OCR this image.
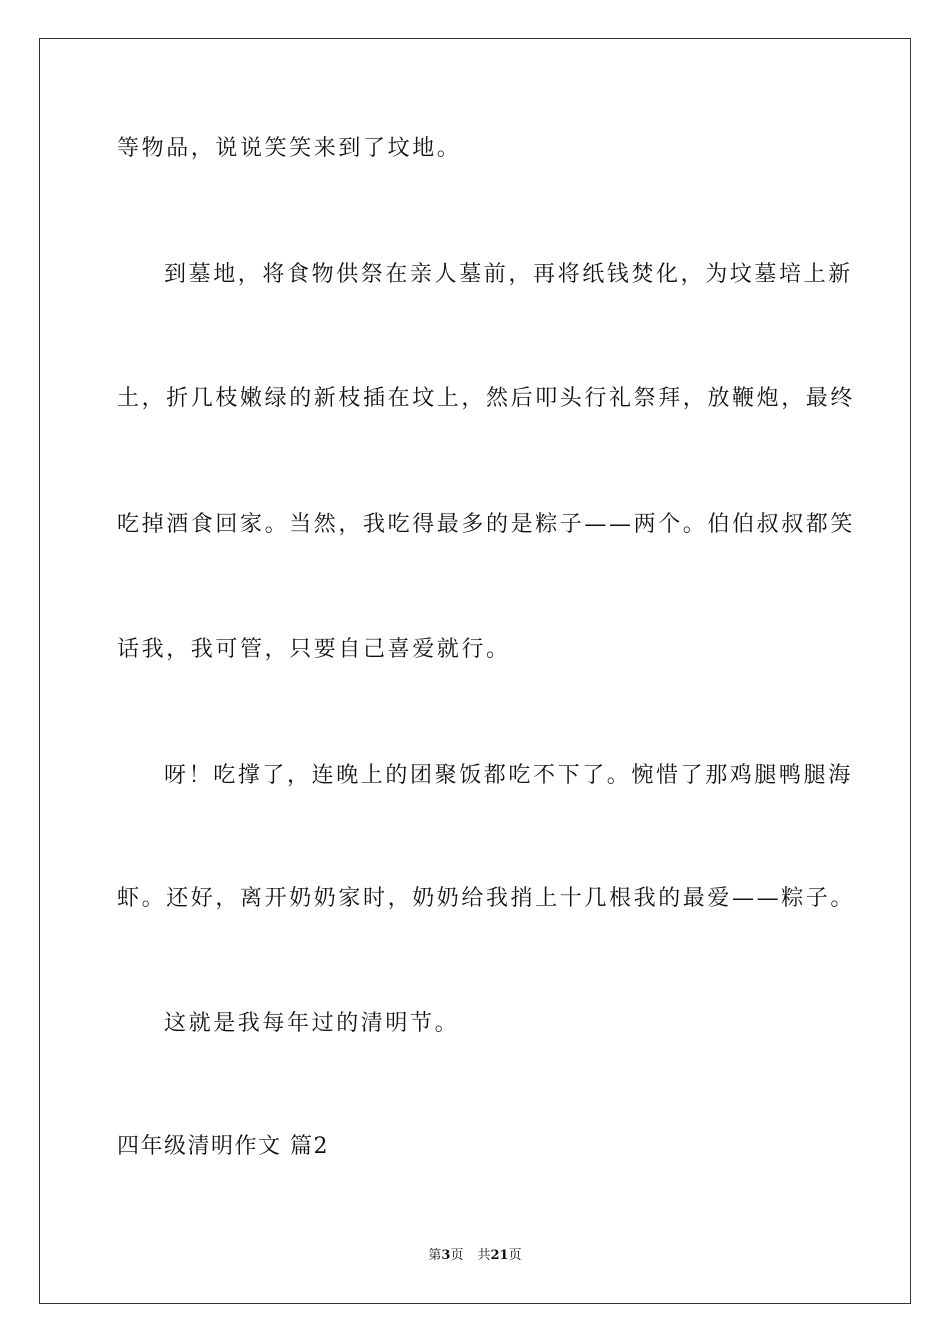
等物品，说说笑笑来到了坟地。
到墓地，将食物供祭在亲人墓前，再将纸钱焚化，为坟墓培上新
土，折几枝嫩绿的新枝插在坟上，然后叩头行礼祭拜，放鞭炮，最终
吃掉酒食回家。当然，我吃得最多的是粽子——两个。伯伯叔叔都笑
话我，我可管，只要自己喜爱就行。
呀！吃撑了，连晚上的团聚饭都吃不下了。惋惜了那鸡腿鸭腿海
虾。还好，离开奶奶家时，奶奶给我捎上十几根我的最爱——粽子。
这就是我每年过的清明节。
四年级清明作文 篇2
第3页 共21页
